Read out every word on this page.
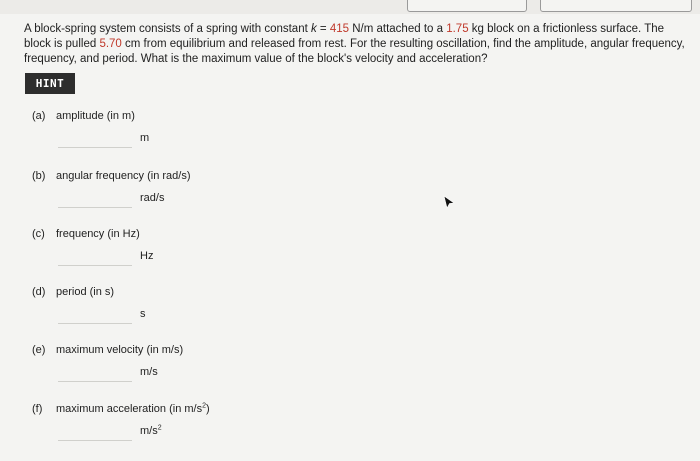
A block-spring system consists of a spring with constant k = 415 N/m attached to a 1.75 kg block on a frictionless surface. The block is pulled 5.70 cm from equilibrium and released from rest. For the resulting oscillation, find the amplitude, angular frequency, frequency, and period. What is the maximum value of the block's velocity and acceleration?
HINT
(a) amplitude (in m)
m
(b) angular frequency (in rad/s)
rad/s
(c) frequency (in Hz)
Hz
(d) period (in s)
s
(e) maximum velocity (in m/s)
m/s
(f) maximum acceleration (in $m/s^2$)
$m/s^2$
